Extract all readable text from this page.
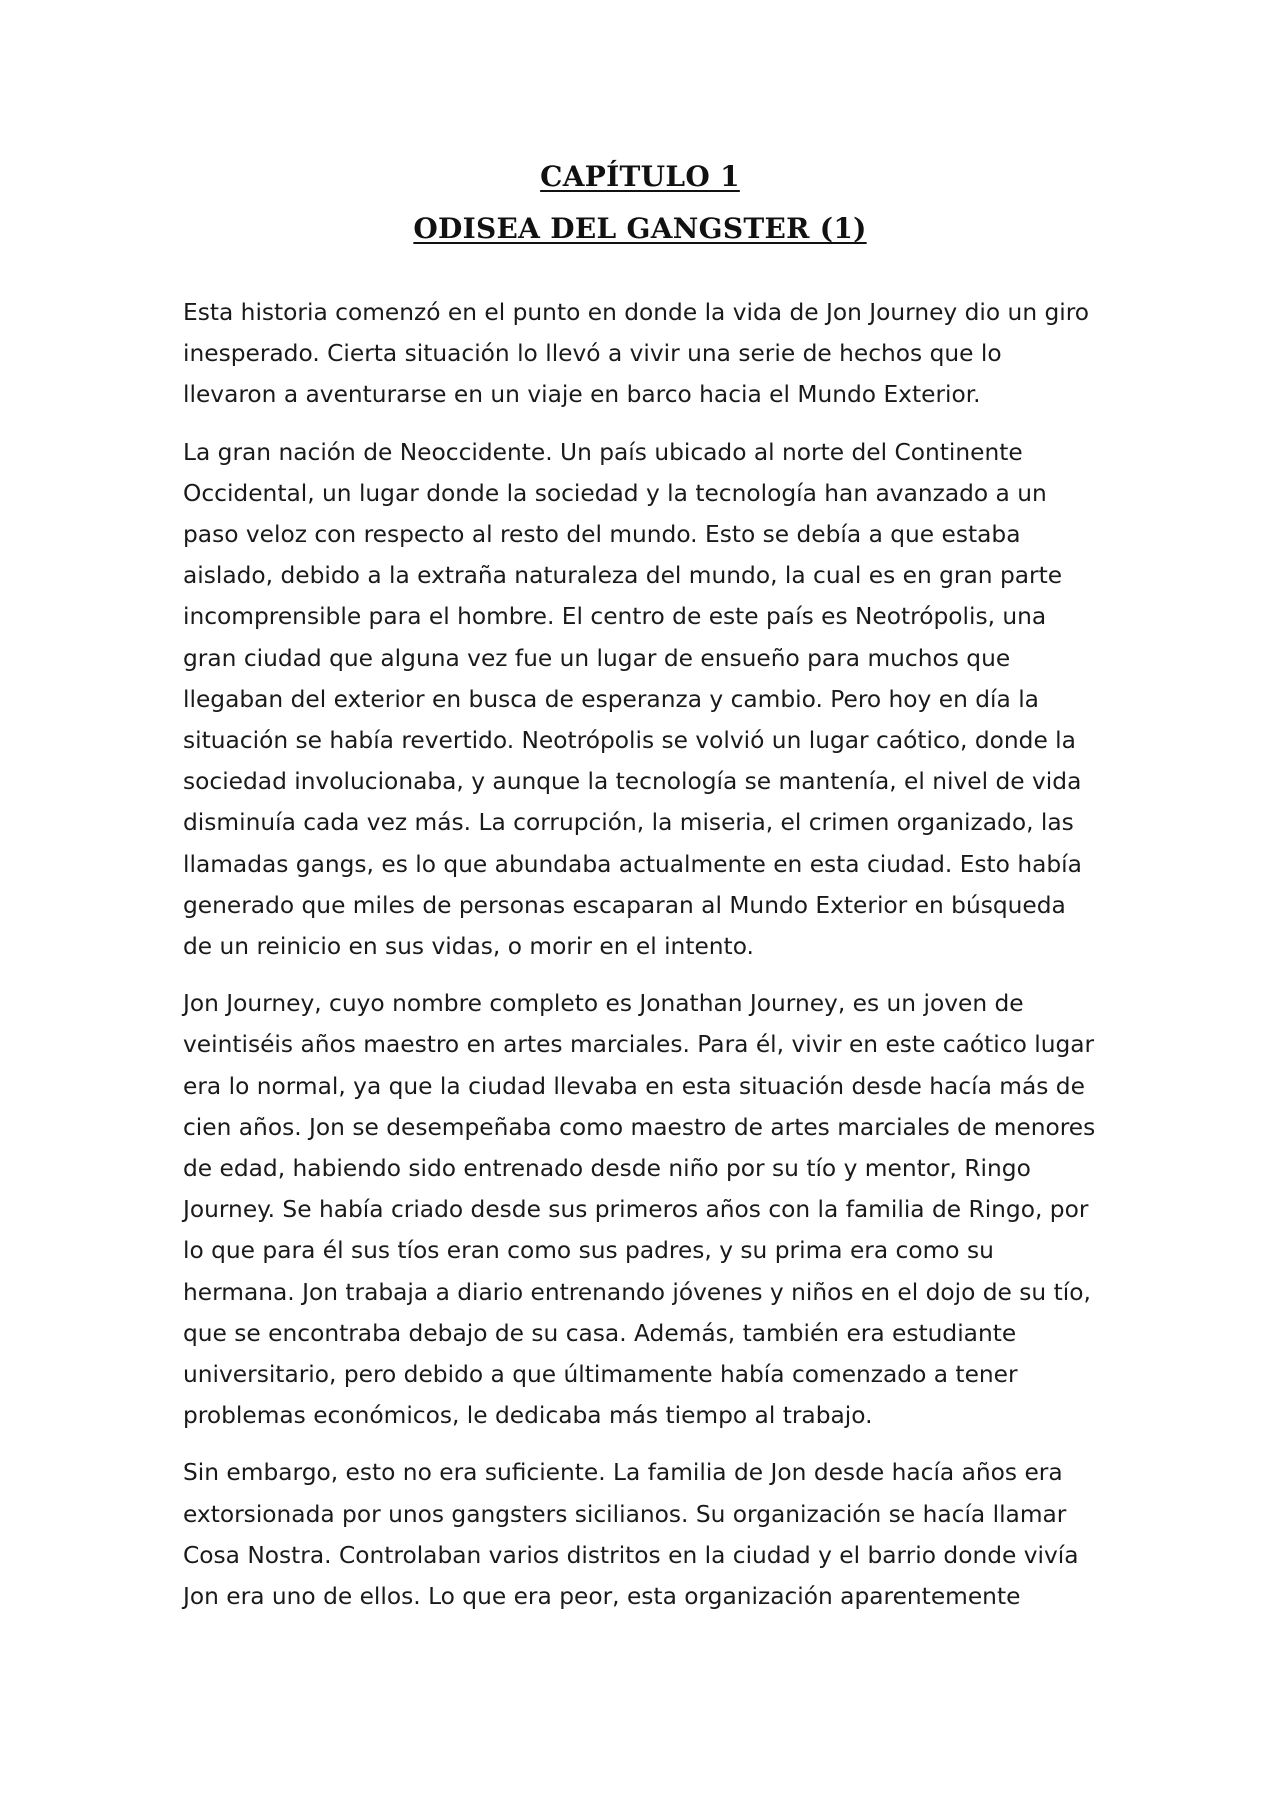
CAPÍTULO 1
ODISEA DEL GANGSTER (1)

Esta historia comenzó en el punto en donde la vida de Jon Journey dio un giro inesperado. Cierta situación lo llevó a vivir una serie de hechos que lo llevaron a aventurarse en un viaje en barco hacia el Mundo Exterior.

La gran nación de Neoccidente. Un país ubicado al norte del Continente Occidental, un lugar donde la sociedad y la tecnología han avanzado a un paso veloz con respecto al resto del mundo. Esto se debía a que estaba aislado, debido a la extraña naturaleza del mundo, la cual es en gran parte incomprensible para el hombre. El centro de este país es Neotrópolis, una gran ciudad que alguna vez fue un lugar de ensueño para muchos que llegaban del exterior en busca de esperanza y cambio. Pero hoy en día la situación se había revertido. Neotrópolis se volvió un lugar caótico, donde la sociedad involucionaba, y aunque la tecnología se mantenía, el nivel de vida disminuía cada vez más. La corrupción, la miseria, el crimen organizado, las llamadas gangs, es lo que abundaba actualmente en esta ciudad. Esto había generado que miles de personas escaparan al Mundo Exterior en búsqueda de un reinicio en sus vidas, o morir en el intento.

Jon Journey, cuyo nombre completo es Jonathan Journey, es un joven de veintiséis años maestro en artes marciales. Para él, vivir en este caótico lugar era lo normal, ya que la ciudad llevaba en esta situación desde hacía más de cien años. Jon se desempeñaba como maestro de artes marciales de menores de edad, habiendo sido entrenado desde niño por su tío y mentor, Ringo Journey. Se había criado desde sus primeros años con la familia de Ringo, por lo que para él sus tíos eran como sus padres, y su prima era como su hermana. Jon trabaja a diario entrenando jóvenes y niños en el dojo de su tío, que se encontraba debajo de su casa. Además, también era estudiante universitario, pero debido a que últimamente había comenzado a tener problemas económicos, le dedicaba más tiempo al trabajo.

Sin embargo, esto no era suficiente. La familia de Jon desde hacía años era extorsionada por unos gangsters sicilianos. Su organización se hacía llamar Cosa Nostra. Controlaban varios distritos en la ciudad y el barrio donde vivía Jon era uno de ellos. Lo que era peor, esta organización aparentemente
